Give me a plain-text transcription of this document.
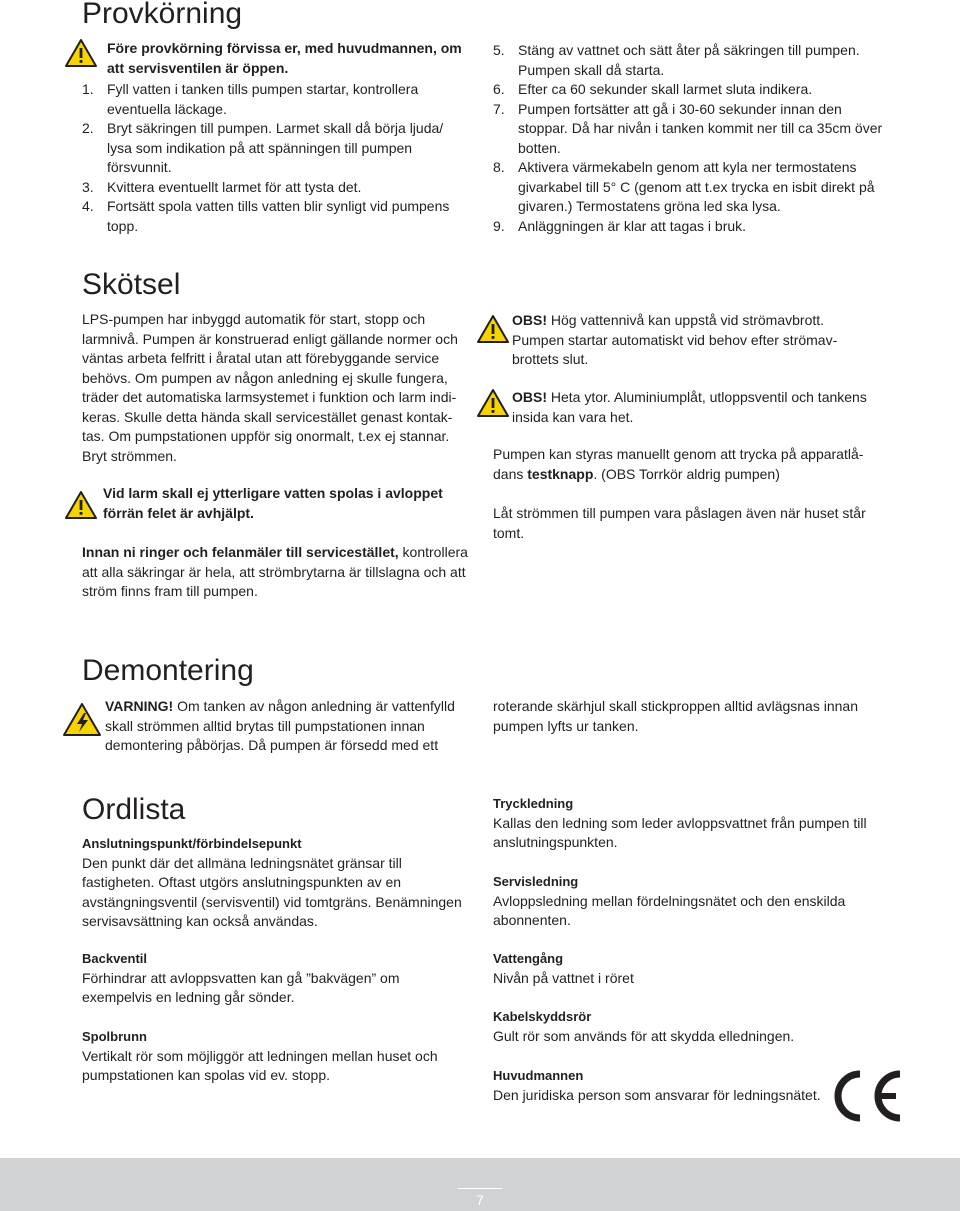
Provkörning

Före provkörning förvissa er, med huvudmannen, om att servisventilen är öppen.

1. Fyll vatten i tanken tills pumpen startar, kontrollera eventuella läckage.
2. Bryt säkringen till pumpen. Larmet skall då börja ljuda/ lysa som indikation på att spänningen till pumpen försvunnit.
3. Kvittera eventuellt larmet för att tysta det.
4. Fortsätt spola vatten tills vatten blir synligt vid pumpens topp.
5. Stäng av vattnet och sätt åter på säkringen till pumpen. Pumpen skall då starta.
6. Efter ca 60 sekunder skall larmet sluta indikera.
7. Pumpen fortsätter att gå i 30-60 sekunder innan den stoppar. Då har nivån i tanken kommit ner till ca 35cm över botten.
8. Aktivera värmekabeln genom att kyla ner termostatens givarkabel till 5° C (genom att t.ex trycka en isbit direkt på givaren.) Termostatens gröna led ska lysa.
9. Anläggningen är klar att tagas i bruk.
Skötsel

LPS-pumpen har inbyggd automatik för start, stopp och larmnivå. Pumpen är konstruerad enligt gällande normer och väntas arbeta felfritt i åratal utan att förebyggande service behövs. Om pumpen av någon anledning ej skulle fungera, träder det automatiska larmsystemet i funktion och larm indi-keras. Skulle detta hända skall servicestället genast kontak-tas. Om pumpstationen uppför sig onormalt, t.ex ej stannar. Bryt strömmen.

Vid larm skall ej ytterligare vatten spolas i avloppet förrän felet är avhjälpt.

Innan ni ringer och felanmäler till servicestället, kontrollera att alla säkringar är hela, att strömbrytarna är tillslagna och att ström finns fram till pumpen.

OBS! Hög vattennivå kan uppstå vid strömavbrott. Pumpen startar automatiskt vid behov efter strömav-brottets slut.

OBS! Heta ytor. Aluminiumplåt, utloppsventil och tankens insida kan vara het.

Pumpen kan styras manuellt genom att trycka på apparatlå-dans testknapp. (OBS Torrkör aldrig pumpen)

Låt strömmen till pumpen vara påslagen även när huset står tomt.

Demontering

VARNING! Om tanken av någon anledning är vattenfylld skall strömmen alltid brytas till pumpstationen innan demontering påbörjas. Då pumpen är försedd med ett

roterande skärhjul skall stickproppen alltid avlägsnas innan pumpen lyfts ur tanken.

Ordlista

Anslutningspunkt/förbindelsepunkt

Den punkt där det allmäna ledningsnätet gränsar till fastigheten. Oftast utgörs anslutningspunkten av en avstängningsventil (servisventil) vid tomtgräns. Benämningen servisavsättning kan också användas.

Backventil

Förhindrar att avloppsvatten kan gå ”bakvägen” om exempelvis en ledning går sönder.

Spolbrunn

Vertikalt rör som möjliggör att ledningen mellan huset och pumpstationen kan spolas vid ev. stopp.

Tryckledning

Kallas den ledning som leder avloppsvattnet från pumpen till anslutningspunkten.

Servisledning

Avloppsledning mellan fördelningsnätet och den enskilda abonnenten.

Vattengång

Nivån på vattnet i röret

Kabelskyddsrör

Gult rör som används för att skydda elledningen.

Huvudmannen

Den juridiska person som ansvarar för ledningsnätet.

7
